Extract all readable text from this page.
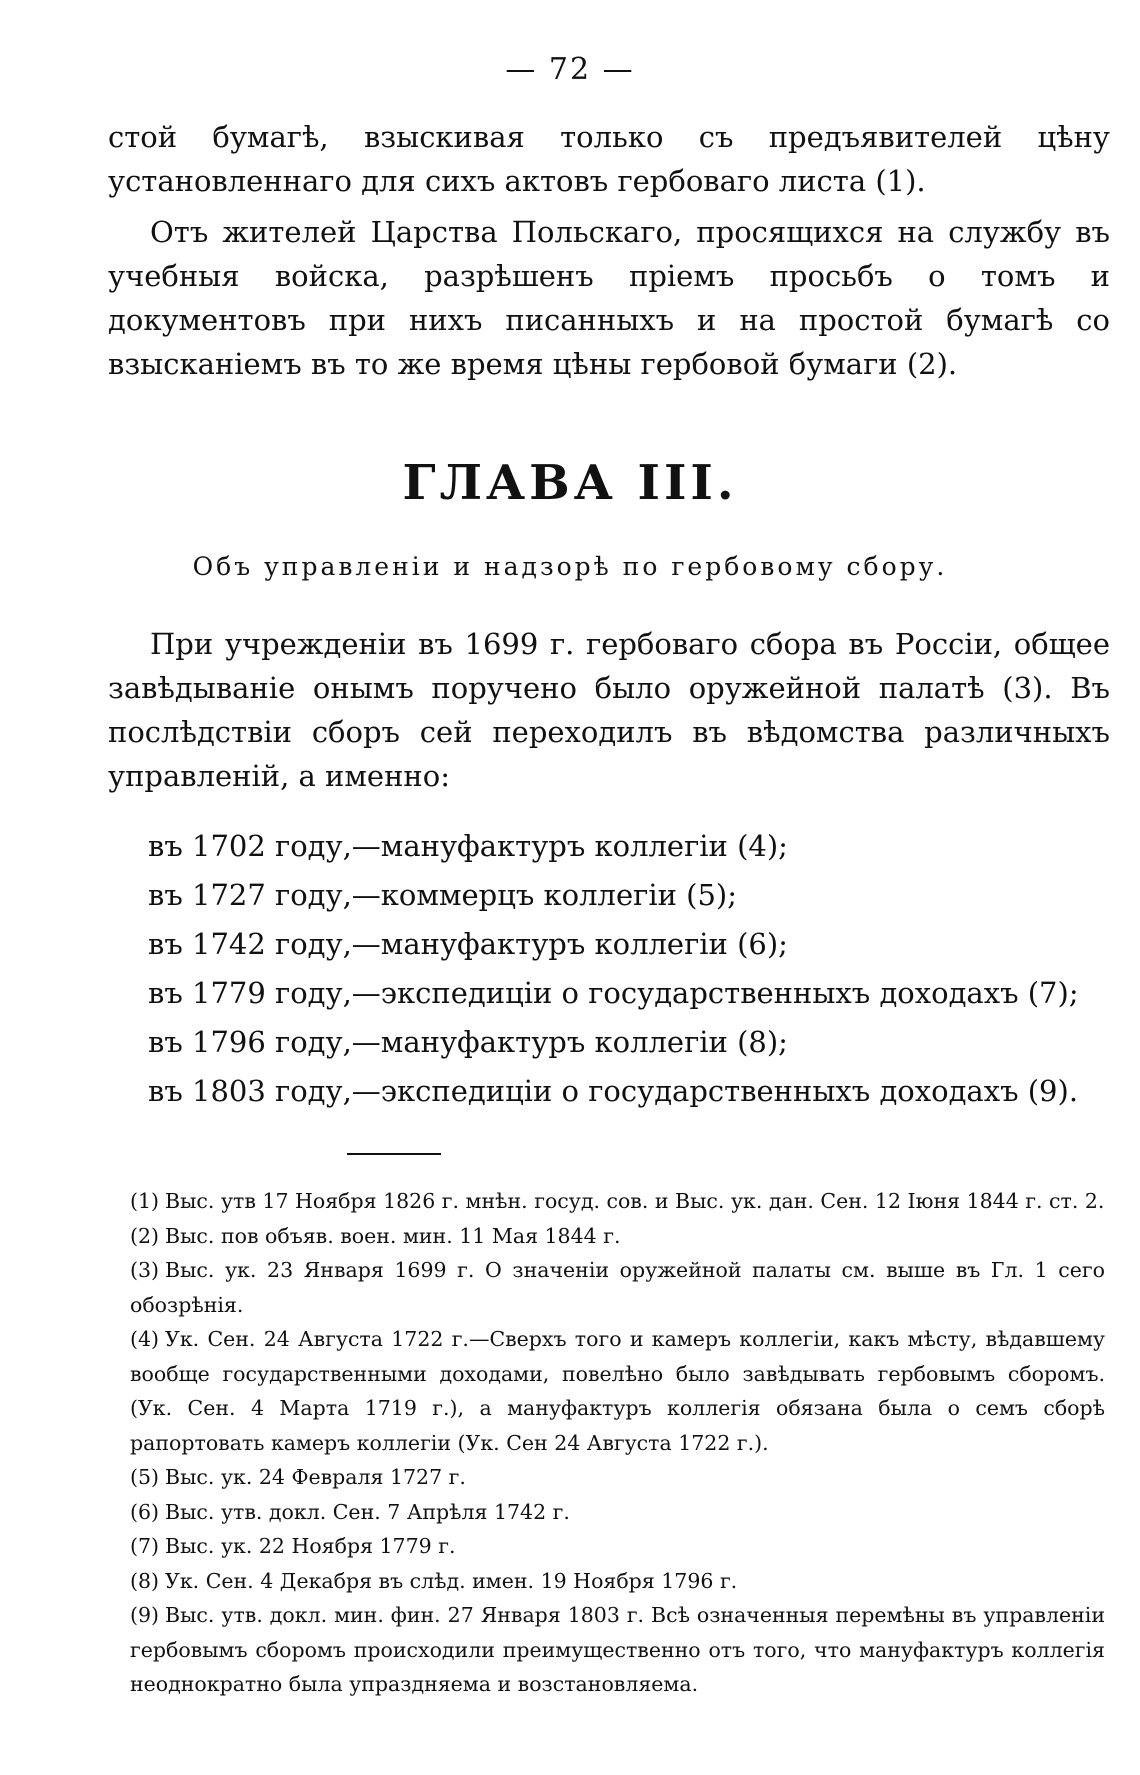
— 72 —

стой бумагѣ, взыскивая только съ предъявителей цѣну установленнаго для сихъ актовъ гербоваго листа (1).

Отъ жителей Царства Польскаго, просящихся на службу въ учебныя войска, разрѣшенъ пріемъ просьбъ о томъ и документовъ при нихъ писанныхъ и на простой бумагѣ со взысканіемъ въ то же время цѣны гербовой бумаги (2).

ГЛАВА III.
Объ управленіи и надзорѣ по гербовому сбору.

При учрежденіи въ 1699 г. гербоваго сбора въ Россіи, общее завѣдываніе онымъ поручено было оружейной палатѣ (3). Въ послѣдствіи сборъ сей переходилъ въ вѣдомства различныхъ управленій, а именно:

въ 1702 году,—мануфактуръ коллегіи (4);
въ 1727 году,—коммерцъ коллегіи (5);
въ 1742 году,—мануфактуръ коллегіи (6);
въ 1779 году,—экспедиціи о государственныхъ доходахъ (7);
въ 1796 году,—мануфактуръ коллегіи (8);
въ 1803 году,—экспедиціи о государственныхъ доходахъ (9).

(1) Выс. утв 17 Ноября 1826 г. мнѣн. госуд. сов. и Выс. ук. дан. Сен. 12 Іюня 1844 г. ст. 2.

(2) Выс. пов объяв. воен. мин. 11 Мая 1844 г.

(3) Выс. ук. 23 Января 1699 г. О значеніи оружейной палаты см. выше въ Гл. 1 сего обозрѣнія.

(4) Ук. Сен. 24 Августа 1722 г.—Сверхъ того и камеръ коллегіи, какъ мѣсту, вѣдавшему вообще государственными доходами, повелѣно было завѣдывать гербовымъ сборомъ. (Ук. Сен. 4 Марта 1719 г.), а мануфактуръ коллегія обязана была о семъ сборѣ рапортовать камеръ коллегіи (Ук. Сен 24 Августа 1722 г.).

(5) Выс. ук. 24 Февраля 1727 г.

(6) Выс. утв. докл. Сен. 7 Апрѣля 1742 г.

(7) Выс. ук. 22 Ноября 1779 г.

(8) Ук. Сен. 4 Декабря въ слѣд. имен. 19 Ноября 1796 г.

(9) Выс. утв. докл. мин. фин. 27 Января 1803 г. Всѣ означенныя перемѣны въ управленіи гербовымъ сборомъ происходили преимущественно отъ того, что мануфактуръ коллегія неоднократно была упраздняема и возстановляема.
